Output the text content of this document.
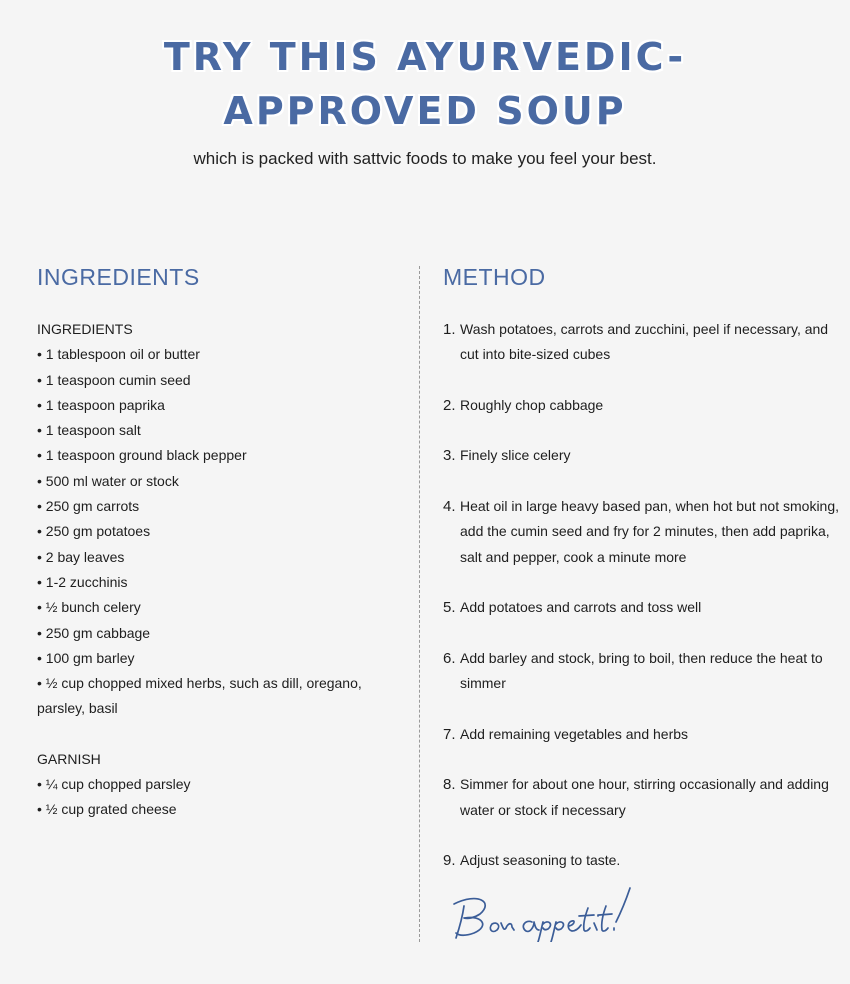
TRY THIS AYURVEDIC-
APPROVED SOUP

which is packed with sattvic foods to make you feel your best.

INGREDIENTS
INGREDIENTS
• 1 tablespoon oil or butter
• 1 teaspoon cumin seed
• 1 teaspoon paprika
• 1 teaspoon salt
• 1 teaspoon ground black pepper
• 500 ml water or stock
• 250 gm carrots
• 250 gm potatoes
• 2 bay leaves
• 1-2 zucchinis
• ½ bunch celery
• 250 gm cabbage
• 100 gm barley
• ½ cup chopped mixed herbs, such as dill, oregano, parsley, basil
GARNISH
• ¼ cup chopped parsley
• ½ cup grated cheese
METHOD
1. Wash potatoes, carrots and zucchini, peel if necessary, and cut into bite-sized cubes
2. Roughly chop cabbage
3. Finely slice celery
4. Heat oil in large heavy based pan, when hot but not smoking, add the cumin seed and fry for 2 minutes, then add paprika, salt and pepper, cook a minute more
5. Add potatoes and carrots and toss well
6. Add barley and stock, bring to boil, then reduce the heat to simmer
7. Add remaining vegetables and herbs
8. Simmer for about one hour, stirring occasionally and adding water or stock if necessary
9. Adjust seasoning to taste.
